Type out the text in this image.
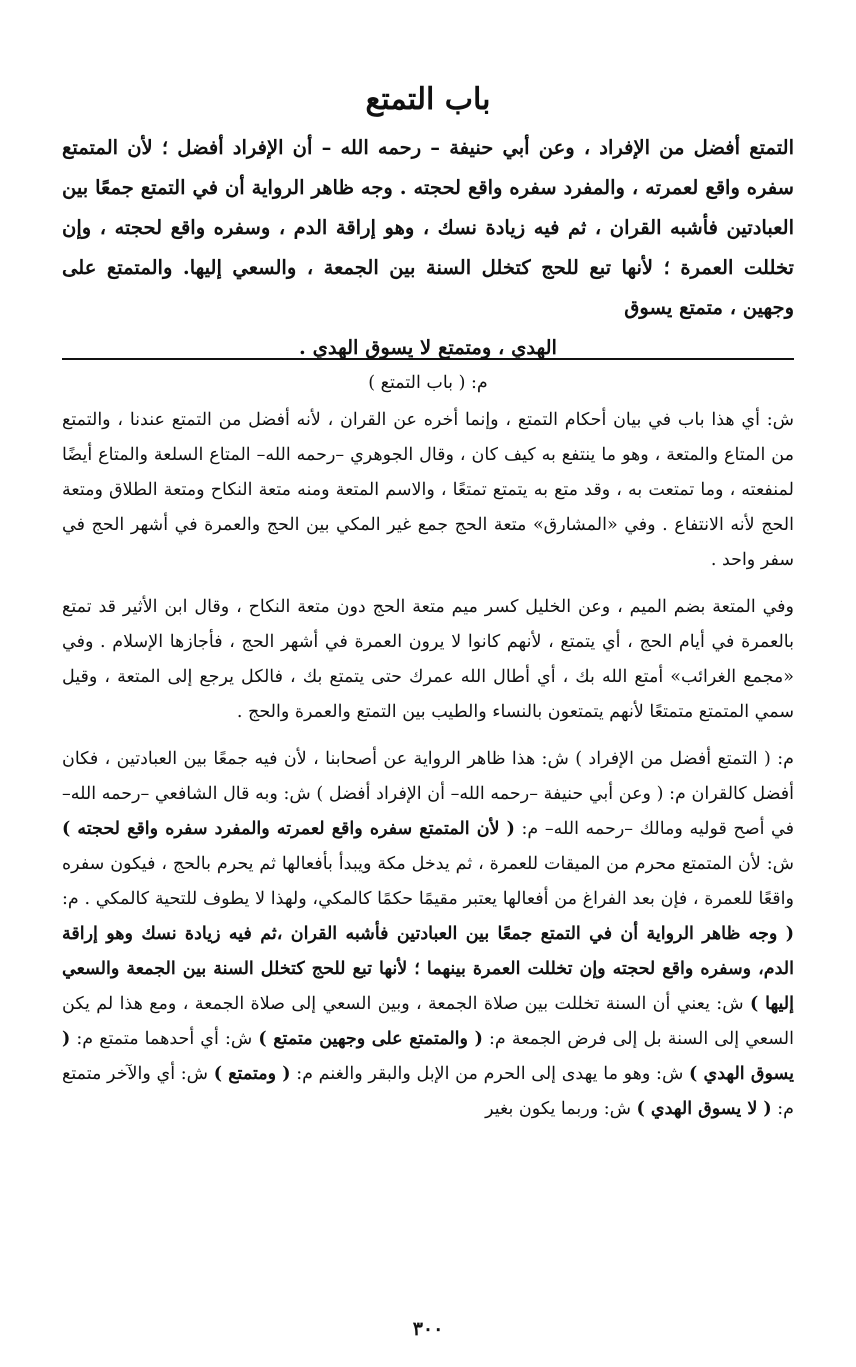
باب التمتع
التمتع أفضل من الإفراد ، وعن أبي حنيفة – رحمه الله – أن الإفراد أفضل ؛ لأن المتمتع سفره واقع لعمرته ، والمفرد سفره واقع لحجته . وجه ظاهر الرواية أن في التمتع جمعًا بين العبادتين فأشبه القران ، ثم فيه زيادة نسك ، وهو إراقة الدم ، وسفره واقع لحجته ، وإن تخللت العمرة ؛ لأنها تبع للحج كتخلل السنة بين الجمعة ، والسعي إليها. والمتمتع على وجهين ، متمتع يسوق
الهدي ، ومتمتع لا يسوق الهدي .

م: ( باب التمتع )

ش: أي هذا باب في بيان أحكام التمتع ، وإنما أخره عن القران ، لأنه أفضل من التمتع عندنا ، والتمتع من المتاع والمتعة ، وهو ما ينتفع به كيف كان ، وقال الجوهري –رحمه الله– المتاع السلعة والمتاع أيضًا لمنفعته ، وما تمتعت به ، وقد متع به يتمتع تمتعًا ، والاسم المتعة ومنه متعة النكاح ومتعة الطلاق ومتعة الحج لأنه الانتفاع . وفي «المشارق» متعة الحج جمع غير المكي بين الحج والعمرة في أشهر الحج في سفر واحد .

وفي المتعة بضم الميم ، وعن الخليل كسر ميم متعة الحج دون متعة النكاح ، وقال ابن الأثير قد تمتع بالعمرة في أيام الحج ، أي يتمتع ، لأنهم كانوا لا يرون العمرة في أشهر الحج ، فأجازها الإسلام . وفي «مجمع الغرائب» أمتع الله بك ، أي أطال الله عمرك حتى يتمتع بك ، فالكل يرجع إلى المتعة ، وقيل سمي المتمتع متمتعًا لأنهم يتمتعون بالنساء والطيب بين التمتع والعمرة والحج .

م: ( التمتع أفضل من الإفراد ) ش: هذا ظاهر الرواية عن أصحابنا ، لأن فيه جمعًا بين العبادتين ، فكان أفضل كالقران م: ( وعن أبي حنيفة –رحمه الله– أن الإفراد أفضل ) ش: وبه قال الشافعي –رحمه الله– في أصح قوليه ومالك –رحمه الله– م: ( لأن المتمتع سفره واقع لعمرته والمفرد سفره واقع لحجته ) ش: لأن المتمتع محرم من الميقات للعمرة ، ثم يدخل مكة ويبدأ بأفعالها ثم يحرم بالحج ، فيكون سفره واقعًا للعمرة ، فإن بعد الفراغ من أفعالها يعتبر مقيمًا حكمًا كالمكي، ولهذا لا يطوف للتحية كالمكي . م: ( وجه ظاهر الرواية أن في التمتع جمعًا بين العبادتين فأشبه القران ،ثم فيه زيادة نسك وهو إراقة الدم، وسفره واقع لحجته وإن تخللت العمرة بينهما ؛ لأنها تبع للحج كتخلل السنة بين الجمعة والسعي إليها ) ش: يعني أن السنة تخللت بين صلاة الجمعة ، وبين السعي إلى صلاة الجمعة ، ومع هذا لم يكن السعي إلى السنة بل إلى فرض الجمعة م: ( والمتمتع على وجهين متمتع ) ش: أي أحدهما متمتع م: ( يسوق الهدي ) ش: وهو ما يهدى إلى الحرم من الإبل والبقر والغنم م: ( ومتمتع ) ش: أي والآخر متمتع م: ( لا يسوق الهدي ) ش: وربما يكون بغير

٣٠٠
